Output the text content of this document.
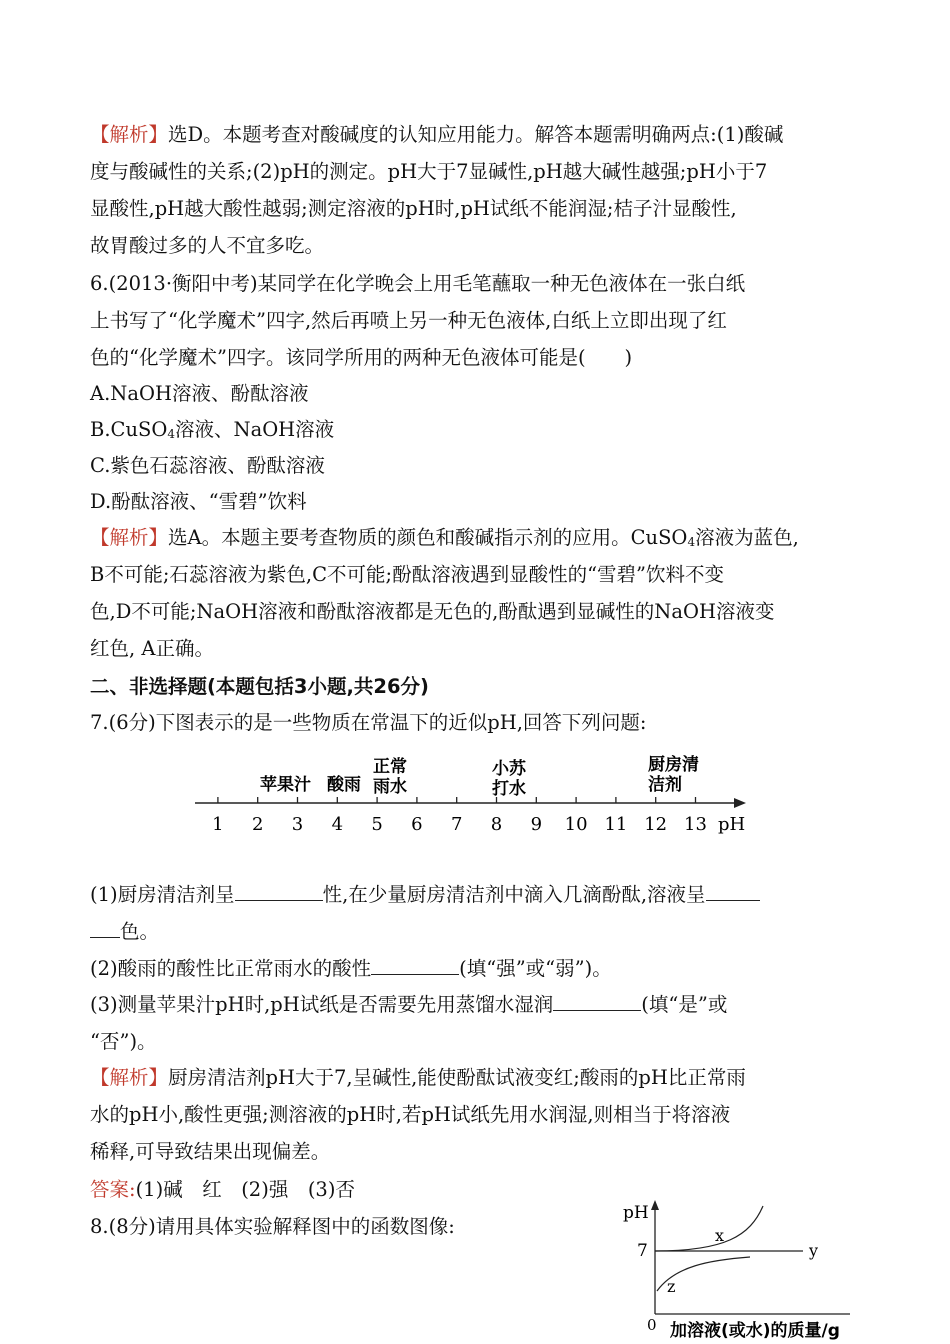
【解析】选D。本题考查对酸碱度的认知应用能力。解答本题需明确两点:(1)酸碱
度与酸碱性的关系;(2)pH的测定。pH大于7显碱性,pH越大碱性越强;pH小于7
显酸性,pH越大酸性越弱;测定溶液的pH时,pH试纸不能润湿;桔子汁显酸性,
故胃酸过多的人不宜多吃。
6.(2013·衡阳中考)某同学在化学晚会上用毛笔蘸取一种无色液体在一张白纸
上书写了“化学魔术”四字,然后再喷上另一种无色液体,白纸上立即出现了红
色的“化学魔术”四字。该同学所用的两种无色液体可能是(　　)
A.NaOH溶液、酚酞溶液
B.CuSO$_4$溶液、NaOH溶液
C.紫色石蕊溶液、酚酞溶液
D.酚酞溶液、“雪碧”饮料
【解析】选A。本题主要考查物质的颜色和酸碱指示剂的应用。CuSO$_4$溶液为蓝色,
B不可能;石蕊溶液为紫色,C不可能;酚酞溶液遇到显酸性的“雪碧”饮料不变
色,D不可能;NaOH溶液和酚酞溶液都是无色的,酚酞遇到显碱性的NaOH溶液变
红色, A正确。
二、非选择题(本题包括3小题,共26分)
7.(6分)下图表示的是一些物质在常温下的近似pH,回答下列问题:
苹果汁 酸雨
正常
雨水
小苏
打水
厨房清
洁剂
1 2 3 4 5 6 7 8 9 10 11 12 13 pH
(1)厨房清洁剂呈	性,在少量厨房清洁剂中滴入几滴酚酞,溶液呈
色。
(2)酸雨的酸性比正常雨水的酸性	(填“强”或“弱”)。
(3)测量苹果汁pH时,pH试纸是否需要先用蒸馏水湿润	(填“是”或
“否”)。
【解析】厨房清洁剂pH大于7,呈碱性,能使酚酞试液变红;酸雨的pH比正常雨
水的pH小,酸性更强;测溶液的pH时,若pH试纸先用水润湿,则相当于将溶液
稀释,可导致结果出现偏差。
答案:(1)碱　红　(2)强　(3)否
8.(8分)请用具体实验解释图中的函数图像:
pH
7	y
x
z
0 加溶液(或水)的质量/g
